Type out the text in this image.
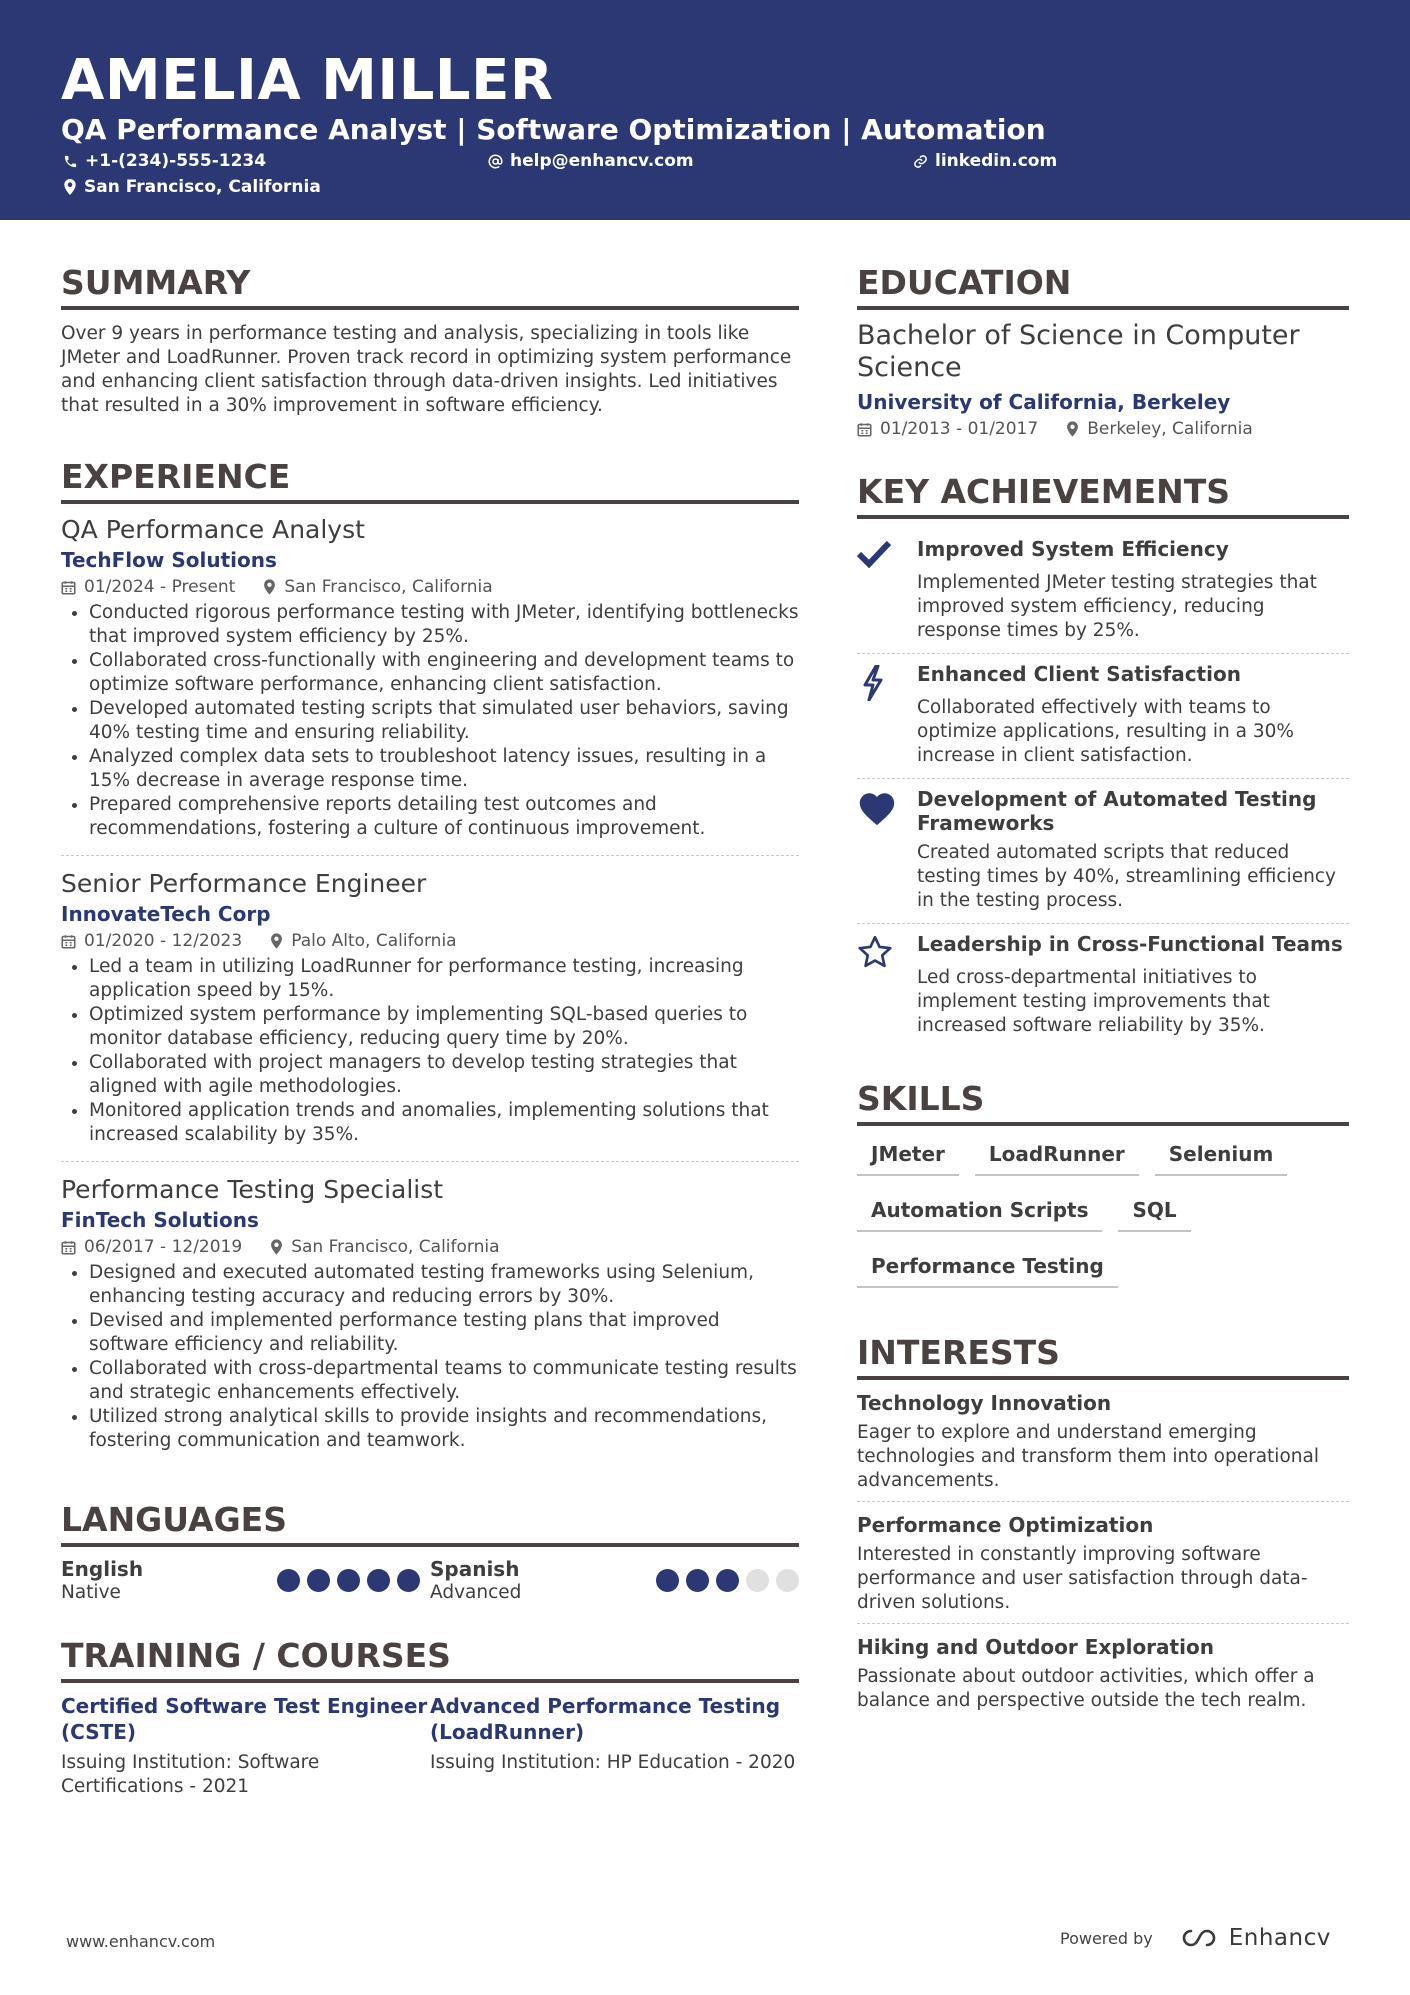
AMELIA MILLER
QA Performance Analyst | Software Optimization | Automation
+1-(234)-555-1234	help@enhancv.com	linkedin.com
San Francisco, California
SUMMARY
Over 9 years in performance testing and analysis, specializing in tools like JMeter and LoadRunner. Proven track record in optimizing system performance and enhancing client satisfaction through data-driven insights. Led initiatives that resulted in a 30% improvement in software efficiency.
EXPERIENCE
QA Performance Analyst
TechFlow Solutions
01/2024 - Present	San Francisco, California
• Conducted rigorous performance testing with JMeter, identifying bottlenecks that improved system efficiency by 25%.
• Collaborated cross-functionally with engineering and development teams to optimize software performance, enhancing client satisfaction.
• Developed automated testing scripts that simulated user behaviors, saving 40% testing time and ensuring reliability.
• Analyzed complex data sets to troubleshoot latency issues, resulting in a 15% decrease in average response time.
• Prepared comprehensive reports detailing test outcomes and recommendations, fostering a culture of continuous improvement.
Senior Performance Engineer
InnovateTech Corp
01/2020 - 12/2023	Palo Alto, California
• Led a team in utilizing LoadRunner for performance testing, increasing application speed by 15%.
• Optimized system performance by implementing SQL-based queries to monitor database efficiency, reducing query time by 20%.
• Collaborated with project managers to develop testing strategies that aligned with agile methodologies.
• Monitored application trends and anomalies, implementing solutions that increased scalability by 35%.
Performance Testing Specialist
FinTech Solutions
06/2017 - 12/2019	San Francisco, California
• Designed and executed automated testing frameworks using Selenium, enhancing testing accuracy and reducing errors by 30%.
• Devised and implemented performance testing plans that improved software efficiency and reliability.
• Collaborated with cross-departmental teams to communicate testing results and strategic enhancements effectively.
• Utilized strong analytical skills to provide insights and recommendations, fostering communication and teamwork.
LANGUAGES
English
Native
Spanish
Advanced
TRAINING / COURSES
Certified Software Test Engineer (CSTE)
Issuing Institution: Software Certifications - 2021
Advanced Performance Testing (LoadRunner)
Issuing Institution: HP Education - 2020
EDUCATION
Bachelor of Science in Computer Science
University of California, Berkeley
01/2013 - 01/2017	Berkeley, California
KEY ACHIEVEMENTS
Improved System Efficiency
Implemented JMeter testing strategies that improved system efficiency, reducing response times by 25%.
Enhanced Client Satisfaction
Collaborated effectively with teams to optimize applications, resulting in a 30% increase in client satisfaction.
Development of Automated Testing Frameworks
Created automated scripts that reduced testing times by 40%, streamlining efficiency in the testing process.
Leadership in Cross-Functional Teams
Led cross-departmental initiatives to implement testing improvements that increased software reliability by 35%.
SKILLS
JMeter	LoadRunner	Selenium
Automation Scripts	SQL
Performance Testing
INTERESTS
Technology Innovation
Eager to explore and understand emerging technologies and transform them into operational advancements.
Performance Optimization
Interested in constantly improving software performance and user satisfaction through data-driven solutions.
Hiking and Outdoor Exploration
Passionate about outdoor activities, which offer a balance and perspective outside the tech realm.
www.enhancv.com	Powered by	Enhancv
